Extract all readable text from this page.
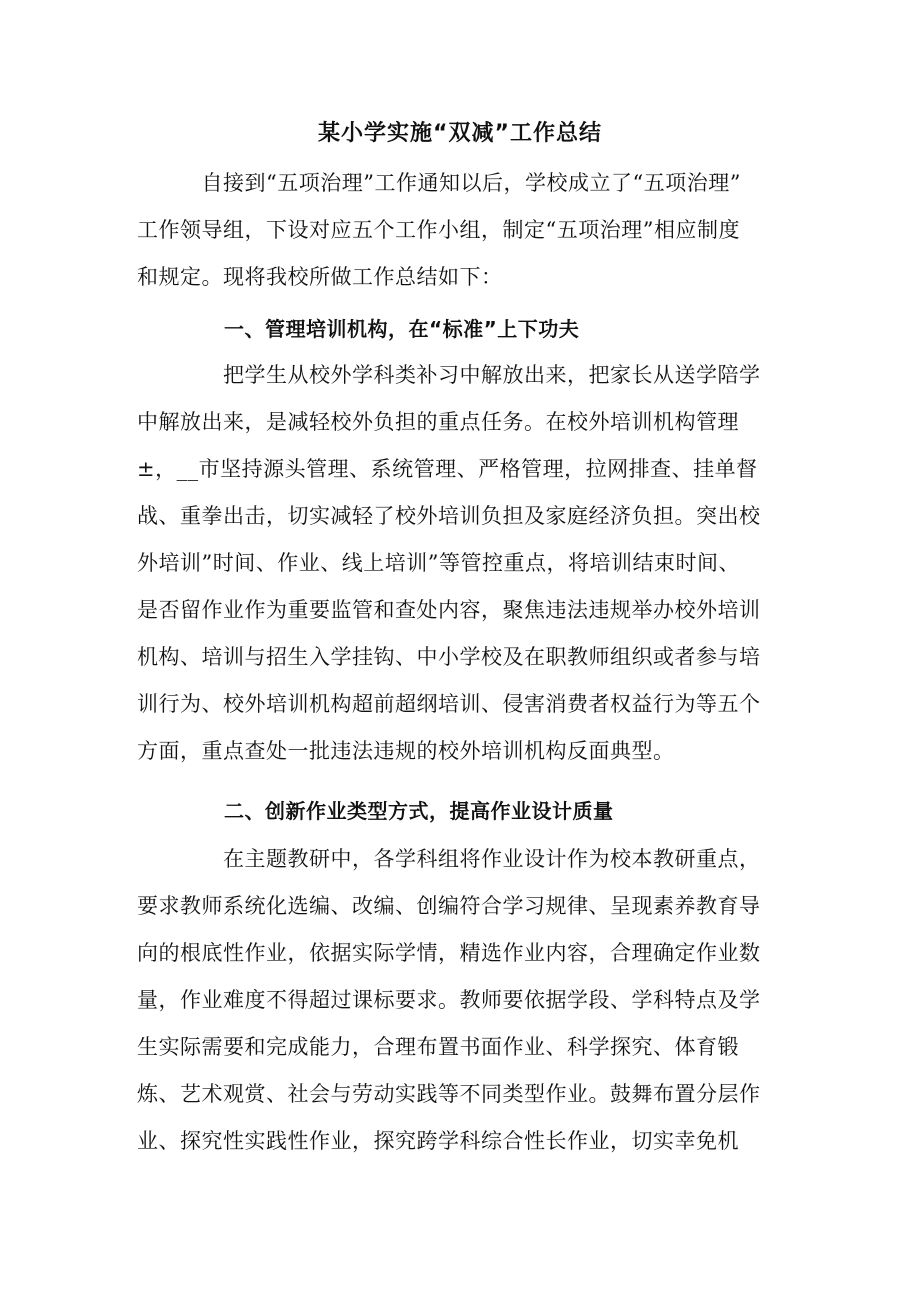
某小学实施“双减”工作总结

　　　自接到“五项治理”工作通知以后，学校成立了“五项治理”
工作领导组，下设对应五个工作小组，制定“五项治理”相应制度
和规定。现将我校所做工作总结如下：

一、管理培训机构，在“标准”上下功夫

　　　　把学生从校外学科类补习中解放出来，把家长从送学陪学
中解放出来，是减轻校外负担的重点任务。在校外培训机构管理
±，__市坚持源头管理、系统管理、严格管理，拉网排查、挂单督
战、重拳出击，切实减轻了校外培训负担及家庭经济负担。突出校
外培训”时间、作业、线上培训”等管控重点，将培训结束时间、
是否留作业作为重要监管和查处内容，聚焦违法违规举办校外培训
机构、培训与招生入学挂钩、中小学校及在职教师组织或者参与培
训行为、校外培训机构超前超纲培训、侵害消费者权益行为等五个
方面，重点查处一批违法违规的校外培训机构反面典型。

二、创新作业类型方式，提高作业设计质量

　　　　在主题教研中，各学科组将作业设计作为校本教研重点，
要求教师系统化选编、改编、创编符合学习规律、呈现素养教育导
向的根底性作业，依据实际学情，精选作业内容，合理确定作业数
量，作业难度不得超过课标要求。教师要依据学段、学科特点及学
生实际需要和完成能力，合理布置书面作业、科学探究、体育锻
炼、艺术观赏、社会与劳动实践等不同类型作业。鼓舞布置分层作
业、探究性实践性作业，探究跨学科综合性长作业，切实幸免机
